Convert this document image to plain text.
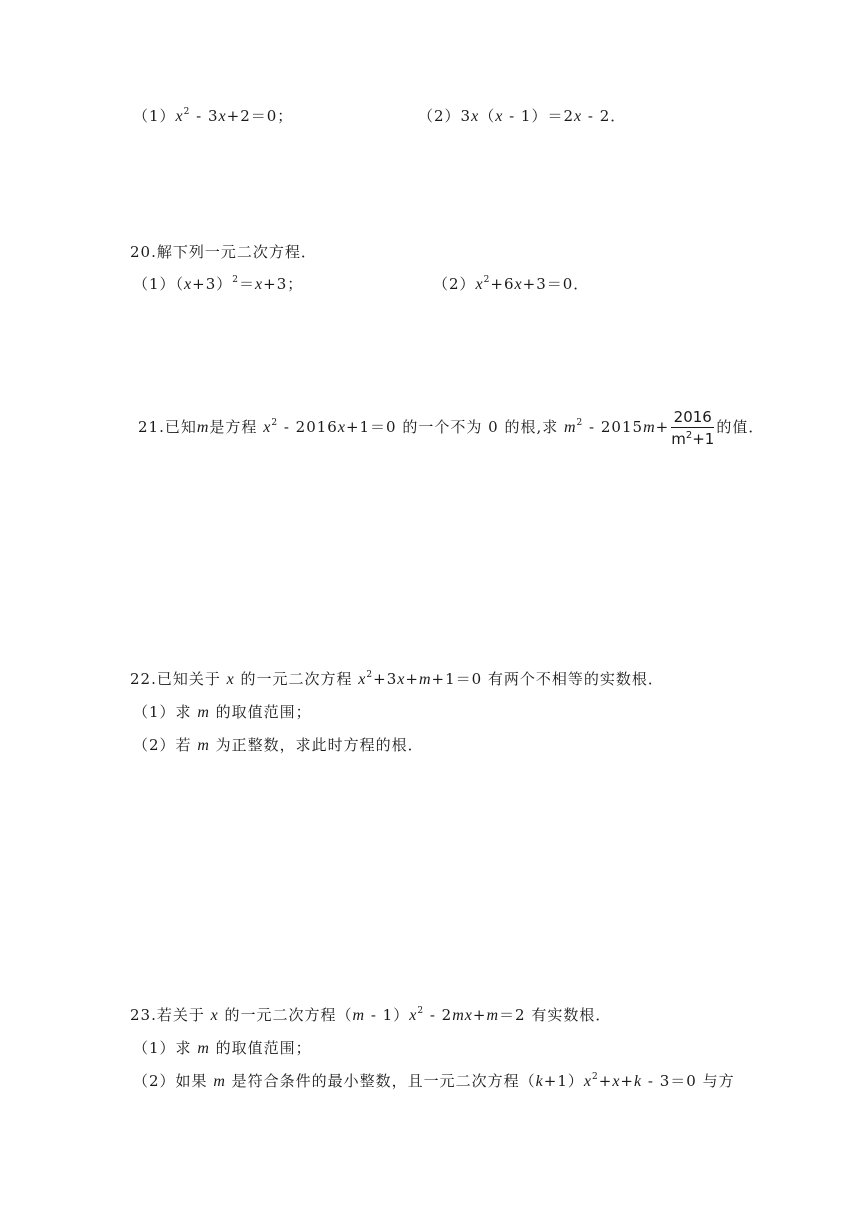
$(1)x^2 - 3x+2=0$；	（2）3x（x - 1）＝2x - 2．
20.解下列一元二次方程．
$(1)(x+3)^2=x+3$；	$(2)x^2+6x+3=0$．
21.已知m是方程 $x^2 - 2016x+1=0$ 的一个不为 0 的根,求 $m^2 - 2015m+ \frac{2016}{m^2+1}$ 的值．
22.已知关于 x 的一元二次方程 $x^2+3x+m+1=0$ 有两个不相等的实数根．
（1）求 m 的取值范围；
（2）若 m 为正整数，求此时方程的根．
23.若关于 x 的一元二次方程$(m - 1)x^2 - 2mx+m=2$ 有实数根．
（1）求 m 的取值范围；
（2）如果 m 是符合条件的最小整数，且一元二次方程$(k+1)x^2+x+k - 3=0$ 与方
